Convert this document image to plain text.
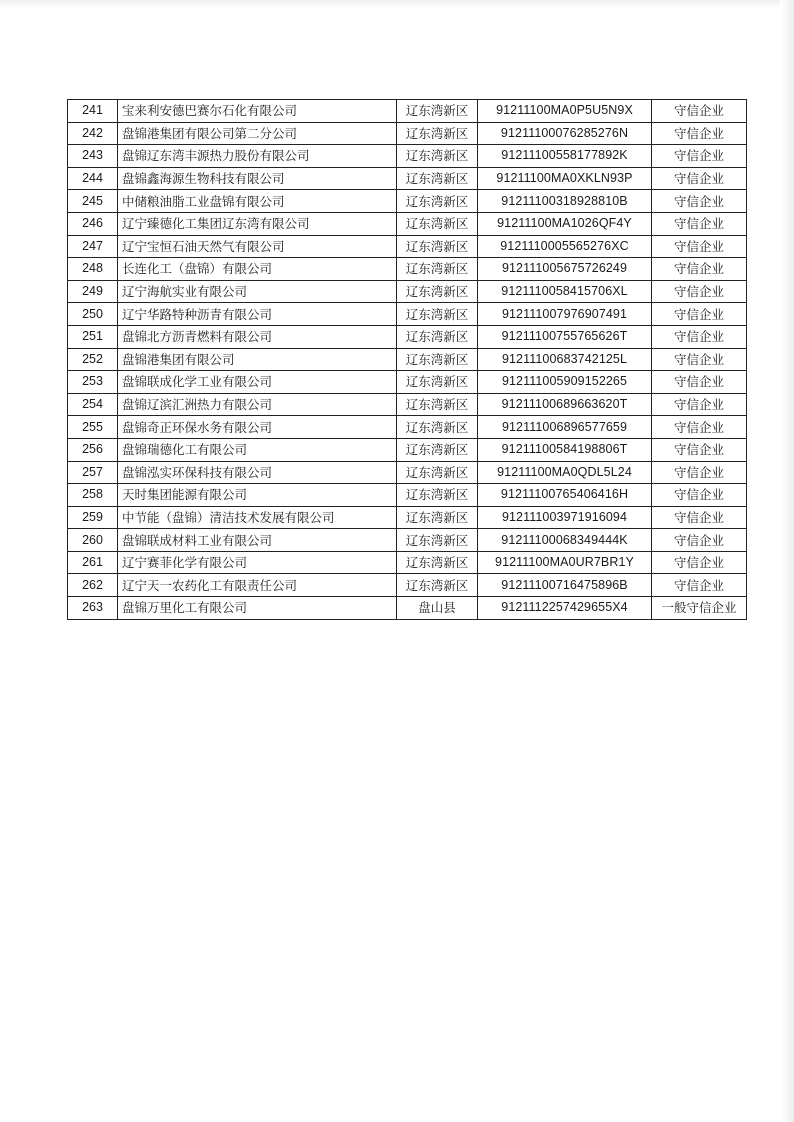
241	宝来利安德巴赛尔石化有限公司	辽东湾新区	91211100MA0P5U5N9X	守信企业
242	盘锦港集团有限公司第二分公司	辽东湾新区	91211100076285276N	守信企业
243	盘锦辽东湾丰源热力股份有限公司	辽东湾新区	91211100558177892K	守信企业
244	盘锦鑫海源生物科技有限公司	辽东湾新区	91211100MA0XKLN93P	守信企业
245	中储粮油脂工业盘锦有限公司	辽东湾新区	91211100318928810B	守信企业
246	辽宁臻德化工集团辽东湾有限公司	辽东湾新区	91211100MA1026QF4Y	守信企业
247	辽宁宝恒石油天然气有限公司	辽东湾新区	9121110005565276XC	守信企业
248	长连化工（盘锦）有限公司	辽东湾新区	912111005675726249	守信企业
249	辽宁海航实业有限公司	辽东湾新区	9121110058415706XL	守信企业
250	辽宁华路特种沥青有限公司	辽东湾新区	912111007976907491	守信企业
251	盘锦北方沥青燃料有限公司	辽东湾新区	91211100755765626T	守信企业
252	盘锦港集团有限公司	辽东湾新区	91211100683742125L	守信企业
253	盘锦联成化学工业有限公司	辽东湾新区	912111005909152265	守信企业
254	盘锦辽滨汇洲热力有限公司	辽东湾新区	91211100689663620T	守信企业
255	盘锦奇正环保水务有限公司	辽东湾新区	912111006896577659	守信企业
256	盘锦瑞德化工有限公司	辽东湾新区	91211100584198806T	守信企业
257	盘锦泓实环保科技有限公司	辽东湾新区	91211100MA0QDL5L24	守信企业
258	天时集团能源有限公司	辽东湾新区	91211100765406416H	守信企业
259	中节能（盘锦）清洁技术发展有限公司	辽东湾新区	912111003971916094	守信企业
260	盘锦联成材料工业有限公司	辽东湾新区	91211100068349444K	守信企业
261	辽宁赛菲化学有限公司	辽东湾新区	91211100MA0UR7BR1Y	守信企业
262	辽宁天一农药化工有限责任公司	辽东湾新区	91211100716475896B	守信企业
263	盘锦万里化工有限公司	盘山县	9121112257429655X4	一般守信企业
